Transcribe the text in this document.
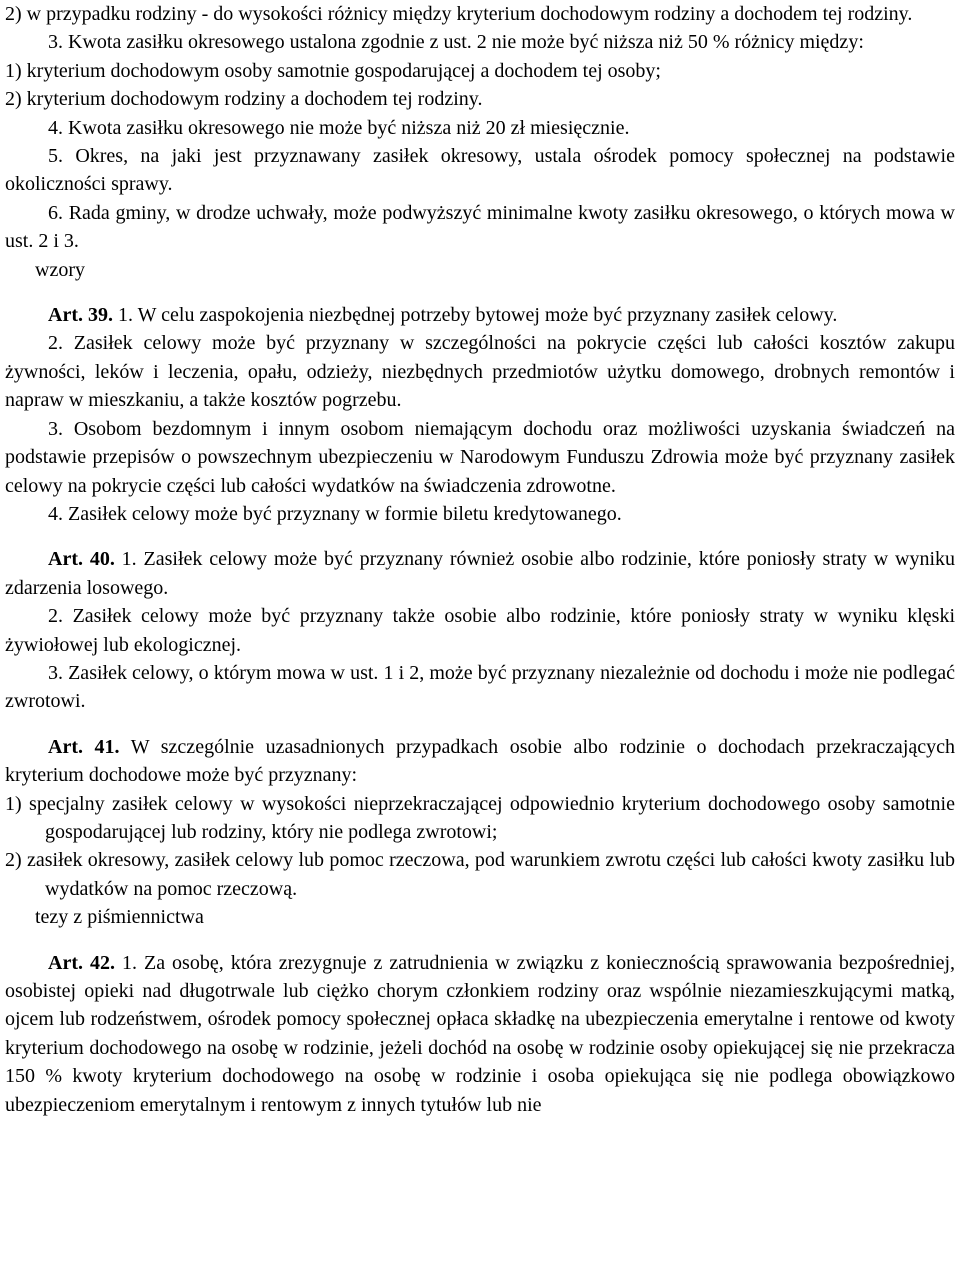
2) w przypadku rodziny - do wysokości różnicy między kryterium dochodowym rodziny a dochodem tej rodziny.

3. Kwota zasiłku okresowego ustalona zgodnie z ust. 2 nie może być niższa niż 50 % różnicy między:

1) kryterium dochodowym osoby samotnie gospodarującej a dochodem tej osoby;

2) kryterium dochodowym rodziny a dochodem tej rodziny.

4. Kwota zasiłku okresowego nie może być niższa niż 20 zł miesięcznie.

5. Okres, na jaki jest przyznawany zasiłek okresowy, ustala ośrodek pomocy społecznej na podstawie okoliczności sprawy.

6. Rada gminy, w drodze uchwały, może podwyższyć minimalne kwoty zasiłku okresowego, o których mowa w ust. 2 i 3.

wzory

Art. 39. 1. W celu zaspokojenia niezbędnej potrzeby bytowej może być przyznany zasiłek celowy.

2. Zasiłek celowy może być przyznany w szczególności na pokrycie części lub całości kosztów zakupu żywności, leków i leczenia, opału, odzieży, niezbędnych przedmiotów użytku domowego, drobnych remontów i napraw w mieszkaniu, a także kosztów pogrzebu.

3. Osobom bezdomnym i innym osobom niemającym dochodu oraz możliwości uzyskania świadczeń na podstawie przepisów o powszechnym ubezpieczeniu w Narodowym Funduszu Zdrowia może być przyznany zasiłek celowy na pokrycie części lub całości wydatków na świadczenia zdrowotne.

4. Zasiłek celowy może być przyznany w formie biletu kredytowanego.

Art. 40. 1. Zasiłek celowy może być przyznany również osobie albo rodzinie, które poniosły straty w wyniku zdarzenia losowego.

2. Zasiłek celowy może być przyznany także osobie albo rodzinie, które poniosły straty w wyniku klęski żywiołowej lub ekologicznej.

3. Zasiłek celowy, o którym mowa w ust. 1 i 2, może być przyznany niezależnie od dochodu i może nie podlegać zwrotowi.

Art. 41. W szczególnie uzasadnionych przypadkach osobie albo rodzinie o dochodach przekraczających kryterium dochodowe może być przyznany:

1) specjalny zasiłek celowy w wysokości nieprzekraczającej odpowiednio kryterium dochodowego osoby samotnie gospodarującej lub rodziny, który nie podlega zwrotowi;

2) zasiłek okresowy, zasiłek celowy lub pomoc rzeczowa, pod warunkiem zwrotu części lub całości kwoty zasiłku lub wydatków na pomoc rzeczową.

tezy z piśmiennictwa

Art. 42. 1. Za osobę, która zrezygnuje z zatrudnienia w związku z koniecznością sprawowania bezpośredniej, osobistej opieki nad długotrwale lub ciężko chorym członkiem rodziny oraz wspólnie niezamieszkującymi matką, ojcem lub rodzeństwem, ośrodek pomocy społecznej opłaca składkę na ubezpieczenia emerytalne i rentowe od kwoty kryterium dochodowego na osobę w rodzinie, jeżeli dochód na osobę w rodzinie osoby opiekującej się nie przekracza 150 % kwoty kryterium dochodowego na osobę w rodzinie i osoba opiekująca się nie podlega obowiązkowo ubezpieczeniom emerytalnym i rentowym z innych tytułów lub nie
